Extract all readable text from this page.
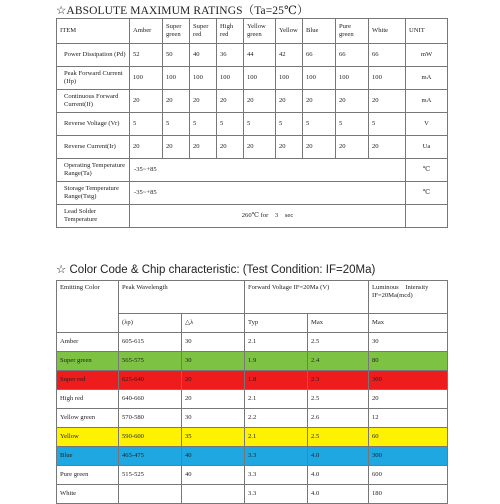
☆ABSOLUTE MAXIMUM RATINGS（Ta=25℃）
ITEM	Amber	Super green	Super red	High red	Yellow green	Yellow	Blue	Pure green	White	UNIT
Power Dissipation (Pd)	52	50	40	36	44	42	66	66	66	mW
Peak Forward Current (Ifp)	100	100	100	100	100	100	100	100	100	mA
Continuous Forward Current(If)	20	20	20	20	20	20	20	20	20	mA
Reverse Voltage (Vr)	5	5	5	5	5	5	5	5	5	V
Reverse Current(Ir)	20	20	20	20	20	20	20	20	20	Ua
Operating Temperature Range(Ta)	-35~+85									℃
Storage Temperature Range(Tstg)	-35~+85									℃
Lead Solder Temperature	260℃ for　3　sec									
☆ Color Code & Chip characteristic: (Test Condition: IF=20Ma)
Emitting Color	Peak Wavelength		Forward Voltage IF=20Ma (V)		Luminous　Intensity IF=20Ma(mcd)
	(λp)	△λ	Typ	Max	Max
Amber	605-615	30	2.1	2.5	30
Super green	565-575	30	1.9	2.4	80
Super red	625-640	20	1.8	2.3	300
High red	640-660	20	2.1	2.5	20
Yellow green	570-580	30	2.2	2.6	12
Yellow	590-600	35	2.1	2.5	60
Blue	465-475	40	3.3	4.0	300
Pure green	515-525	40	3.3	4.0	600
White			3.3	4.0	180
